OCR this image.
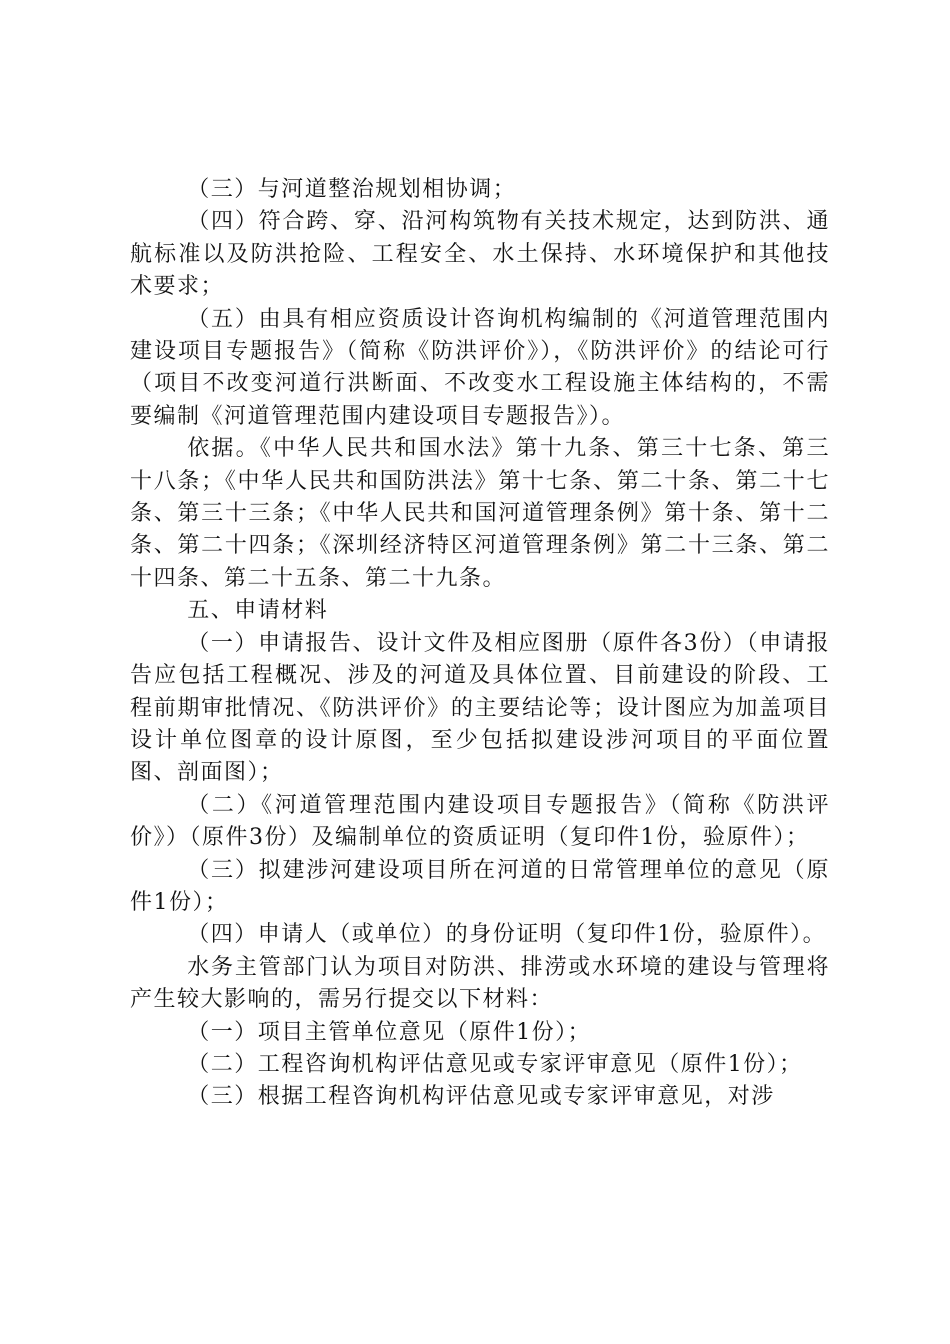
（三）与河道整治规划相协调；

（四）符合跨、穿、沿河构筑物有关技术规定，达到防洪、通航标准以及防洪抢险、工程安全、水土保持、水环境保护和其他技术要求；

（五）由具有相应资质设计咨询机构编制的《河道管理范围内建设项目专题报告》（简称《防洪评价》），《防洪评价》的结论可行（项目不改变河道行洪断面、不改变水工程设施主体结构的，不需要编制《河道管理范围内建设项目专题报告》）。

依据。《中华人民共和国水法》第十九条、第三十七条、第三十八条；《中华人民共和国防洪法》第十七条、第二十条、第二十七条、第三十三条；《中华人民共和国河道管理条例》第十条、第十二条、第二十四条；《深圳经济特区河道管理条例》第二十三条、第二十四条、第二十五条、第二十九条。

五、申请材料

（一）申请报告、设计文件及相应图册（原件各3份）（申请报告应包括工程概况、涉及的河道及具体位置、目前建设的阶段、工程前期审批情况、《防洪评价》的主要结论等；设计图应为加盖项目设计单位图章的设计原图，至少包括拟建设涉河项目的平面位置图、剖面图）；

（二）《河道管理范围内建设项目专题报告》（简称《防洪评价》）（原件3份）及编制单位的资质证明（复印件1份，验原件）；

（三）拟建涉河建设项目所在河道的日常管理单位的意见（原件1份）；

（四）申请人（或单位）的身份证明（复印件1份，验原件）。

水务主管部门认为项目对防洪、排涝或水环境的建设与管理将产生较大影响的，需另行提交以下材料：

（一）项目主管单位意见（原件1份）；

（二）工程咨询机构评估意见或专家评审意见（原件1份）；

（三）根据工程咨询机构评估意见或专家评审意见，对涉
